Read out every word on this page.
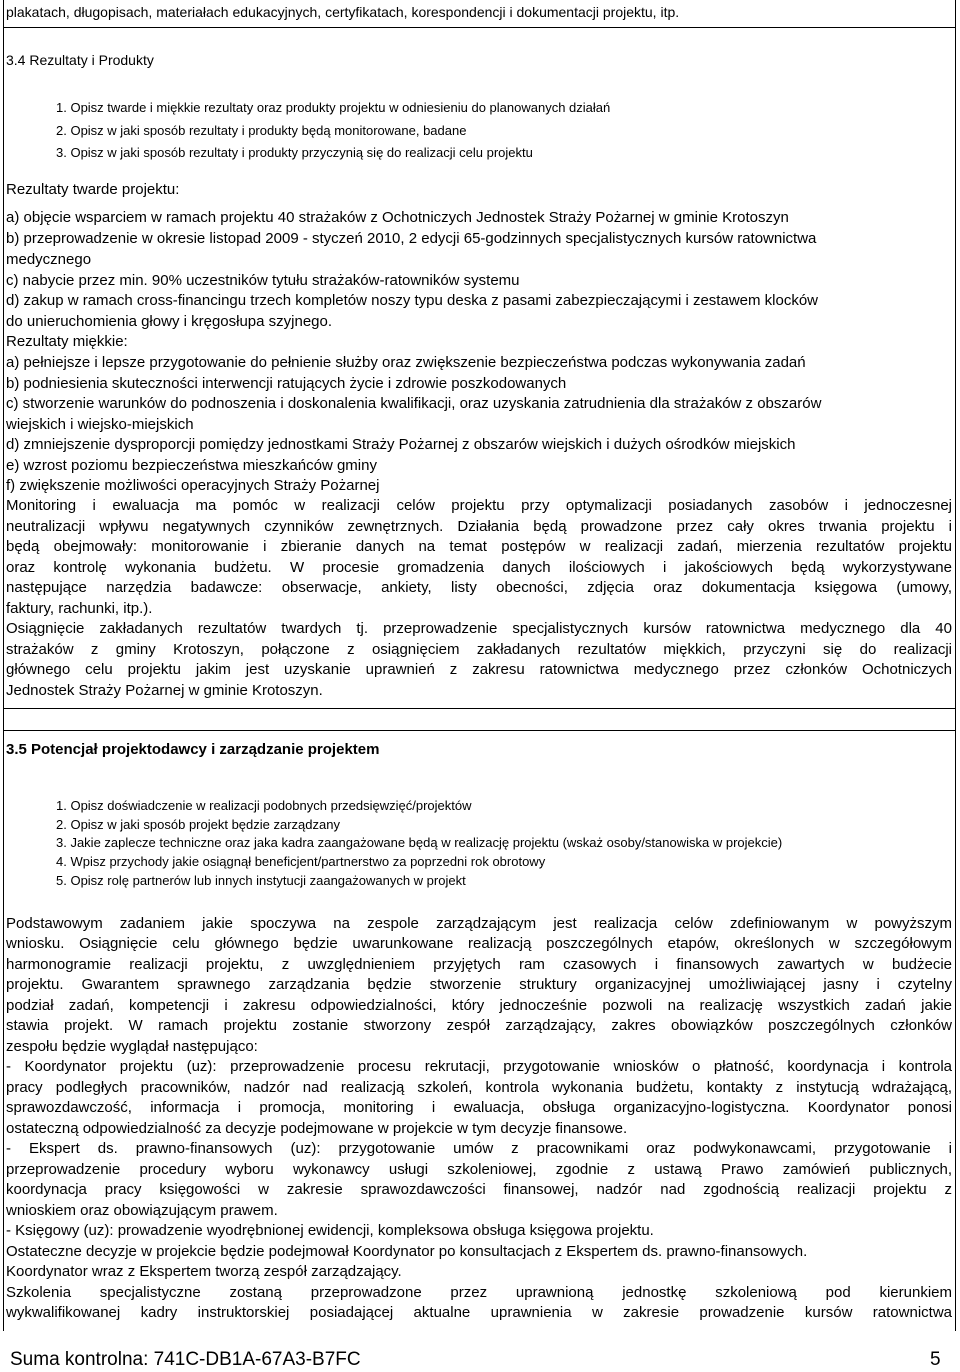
plakatach, długopisach, materiałach edukacyjnych, certyfikatach, korespondencji i dokumentacji projektu, itp.
3.4 Rezultaty i Produkty
1. Opisz twarde i miękkie rezultaty oraz produkty projektu w odniesieniu do planowanych działań
2. Opisz w jaki sposób rezultaty i produkty będą monitorowane, badane
3. Opisz w jaki sposób rezultaty i produkty przyczynią się do realizacji celu projektu
Rezultaty twarde projektu:
a) objęcie wsparciem w ramach projektu 40 strażaków z Ochotniczych Jednostek Straży Pożarnej w gminie Krotoszyn
b) przeprowadzenie w okresie listopad 2009 - styczeń 2010, 2 edycji 65-godzinnych specjalistycznych kursów ratownictwa
medycznego
c) nabycie przez min. 90% uczestników tytułu strażaków-ratowników systemu
d) zakup w ramach cross-financingu trzech kompletów noszy typu deska z pasami zabezpieczającymi i zestawem klocków
do unieruchomienia głowy i kręgosłupa szyjnego.
Rezultaty miękkie:
a) pełniejsze i lepsze przygotowanie do pełnienie służby oraz zwiększenie bezpieczeństwa podczas wykonywania zadań
b) podniesienia skuteczności interwencji ratujących życie i zdrowie poszkodowanych
c) stworzenie warunków do podnoszenia i doskonalenia kwalifikacji, oraz uzyskania zatrudnienia dla strażaków z obszarów
wiejskich i wiejsko-miejskich
d) zmniejszenie dysproporcji pomiędzy jednostkami Straży Pożarnej z obszarów wiejskich i dużych ośrodków miejskich
e) wzrost poziomu bezpieczeństwa mieszkańców gminy
f) zwiększenie możliwości operacyjnych Straży Pożarnej
Monitoring i ewaluacja ma pomóc w realizacji celów projektu przy optymalizacji posiadanych zasobów i jednoczesnej
neutralizacji wpływu negatywnych czynników zewnętrznych. Działania będą prowadzone przez cały okres trwania projektu i
będą obejmowały: monitorowanie i zbieranie danych na temat postępów w realizacji zadań, mierzenia rezultatów projektu
oraz kontrolę wykonania budżetu. W procesie gromadzenia danych ilościowych i jakościowych będą wykorzystywane
następujące narzędzia badawcze: obserwacje, ankiety, listy obecności, zdjęcia oraz dokumentacja księgowa (umowy,
faktury, rachunki, itp.).
Osiągnięcie zakładanych rezultatów twardych tj. przeprowadzenie specjalistycznych kursów ratownictwa medycznego dla 40
strażaków z gminy Krotoszyn, połączone z osiągnięciem zakładanych rezultatów miękkich, przyczyni się do realizacji
głównego celu projektu jakim jest uzyskanie uprawnień z zakresu ratownictwa medycznego przez członków Ochotniczych
Jednostek Straży Pożarnej w gminie Krotoszyn.
3.5 Potencjał projektodawcy i zarządzanie projektem
1. Opisz doświadczenie w realizacji podobnych przedsięwzięć/projektów
2. Opisz w jaki sposób projekt będzie zarządzany
3. Jakie zaplecze techniczne oraz jaka kadra zaangażowane będą w realizację projektu (wskaż osoby/stanowiska w projekcie)
4. Wpisz przychody jakie osiągnął beneficjent/partnerstwo za poprzedni rok obrotowy
5. Opisz rolę partnerów lub innych instytucji zaangażowanych w projekt
Podstawowym zadaniem jakie spoczywa na zespole zarządzającym jest realizacja celów zdefiniowanym w powyższym
wniosku. Osiągnięcie celu głównego będzie uwarunkowane realizacją poszczególnych etapów, określonych w szczegółowym
harmonogramie realizacji projektu, z uwzględnieniem przyjętych ram czasowych i finansowych zawartych w budżecie
projektu. Gwarantem sprawnego zarządzania będzie stworzenie struktury organizacyjnej umożliwiającej jasny i czytelny
podział zadań, kompetencji i zakresu odpowiedzialności, który jednocześnie pozwoli na realizację wszystkich zadań jakie
stawia projekt. W ramach projektu zostanie stworzony zespół zarządzający, zakres obowiązków poszczególnych członków
zespołu będzie wyglądał następująco:
- Koordynator projektu (uz): przeprowadzenie procesu rekrutacji, przygotowanie wniosków o płatność, koordynacja i kontrola
pracy podległych pracowników, nadzór nad realizacją szkoleń, kontrola wykonania budżetu, kontakty z instytucją wdrażającą,
sprawozdawczość, informacja i promocja, monitoring i ewaluacja, obsługa organizacyjno-logistyczna. Koordynator ponosi
ostateczną odpowiedzialność za decyzje podejmowane w projekcie w tym decyzje finansowe.
- Ekspert ds. prawno-finansowych (uz): przygotowanie umów z pracownikami oraz podwykonawcami, przygotowanie i
przeprowadzenie procedury wyboru wykonawcy usługi szkoleniowej, zgodnie z ustawą Prawo zamówień publicznych,
koordynacja pracy księgowości w zakresie sprawozdawczości finansowej, nadzór nad zgodnością realizacji projektu z
wnioskiem oraz obowiązującym prawem.
- Księgowy (uz): prowadzenie wyodrębnionej ewidencji, kompleksowa obsługa księgowa projektu.
Ostateczne decyzje w projekcie będzie podejmował Koordynator po konsultacjach z Ekspertem ds. prawno-finansowych.
Koordynator wraz z Ekspertem tworzą zespół zarządzający.
Szkolenia specjalistyczne zostaną przeprowadzone przez uprawnioną jednostkę szkoleniową pod kierunkiem
wykwalifikowanej kadry instruktorskiej posiadającej aktualne uprawnienia w zakresie prowadzenie kursów ratownictwa
Suma kontrolna: 741C-DB1A-67A3-B7FC	5
